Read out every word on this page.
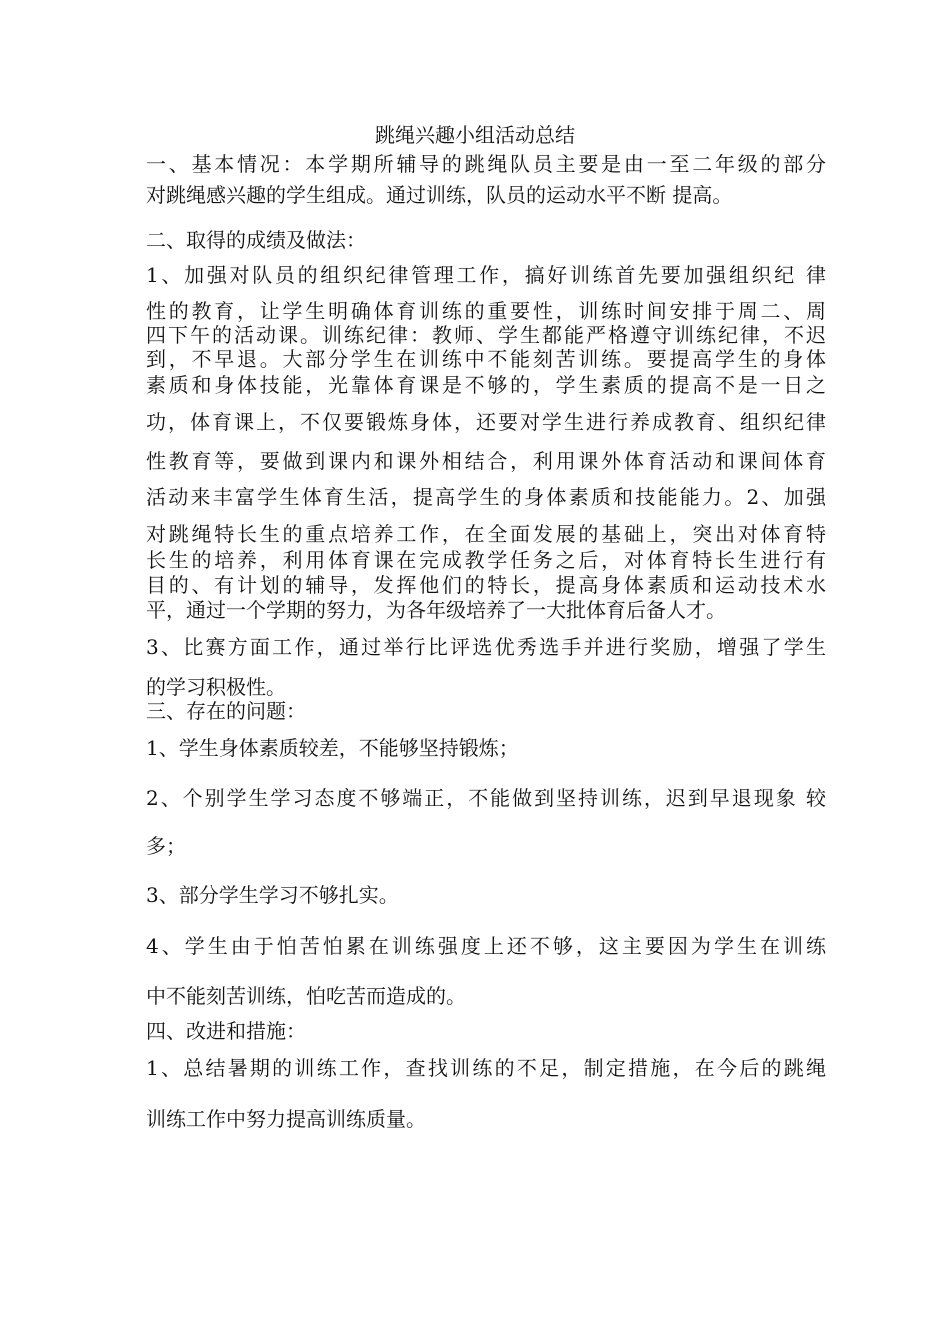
跳绳兴趣小组活动总结
一、基本情况：本学期所辅导的跳绳队员主要是由一至二年级的部分
对跳绳感兴趣的学生组成。通过训练，队员的运动水平不断 提高。
二、取得的成绩及做法：
1、加强对队员的组织纪律管理工作，搞好训练首先要加强组织纪 律
性的教育，让学生明确体育训练的重要性，训练时间安排于周二、周
四下午的活动课。训练纪律：教师、学生都能严格遵守训练纪律，不迟
到，不早退。大部分学生在训练中不能刻苦训练。要提高学生的身体
素质和身体技能，光靠体育课是不够的，学生素质的提高不是一日之
功，体育课上，不仅要锻炼身体，还要对学生进行养成教育、组织纪律
性教育等，要做到课内和课外相结合，利用课外体育活动和课间体育
活动来丰富学生体育生活，提高学生的身体素质和技能能力。2、加强
对跳绳特长生的重点培养工作，在全面发展的基础上，突出对体育特
长生的培养，利用体育课在完成教学任务之后，对体育特长生进行有
目的、有计划的辅导，发挥他们的特长，提高身体素质和运动技术水
平，通过一个学期的努力，为各年级培养了一大批体育后备人才。
3、比赛方面工作，通过举行比评选优秀选手并进行奖励，增强了学生
的学习积极性。
三、存在的问题：
1、学生身体素质较差，不能够坚持锻炼；
2、个别学生学习态度不够端正，不能做到坚持训练，迟到早退现象 较
多；
3、部分学生学习不够扎实。
4、学生由于怕苦怕累在训练强度上还不够，这主要因为学生在训练
中不能刻苦训练，怕吃苦而造成的。
四、改进和措施：
1、总结暑期的训练工作，查找训练的不足，制定措施，在今后的跳绳
训练工作中努力提高训练质量。
